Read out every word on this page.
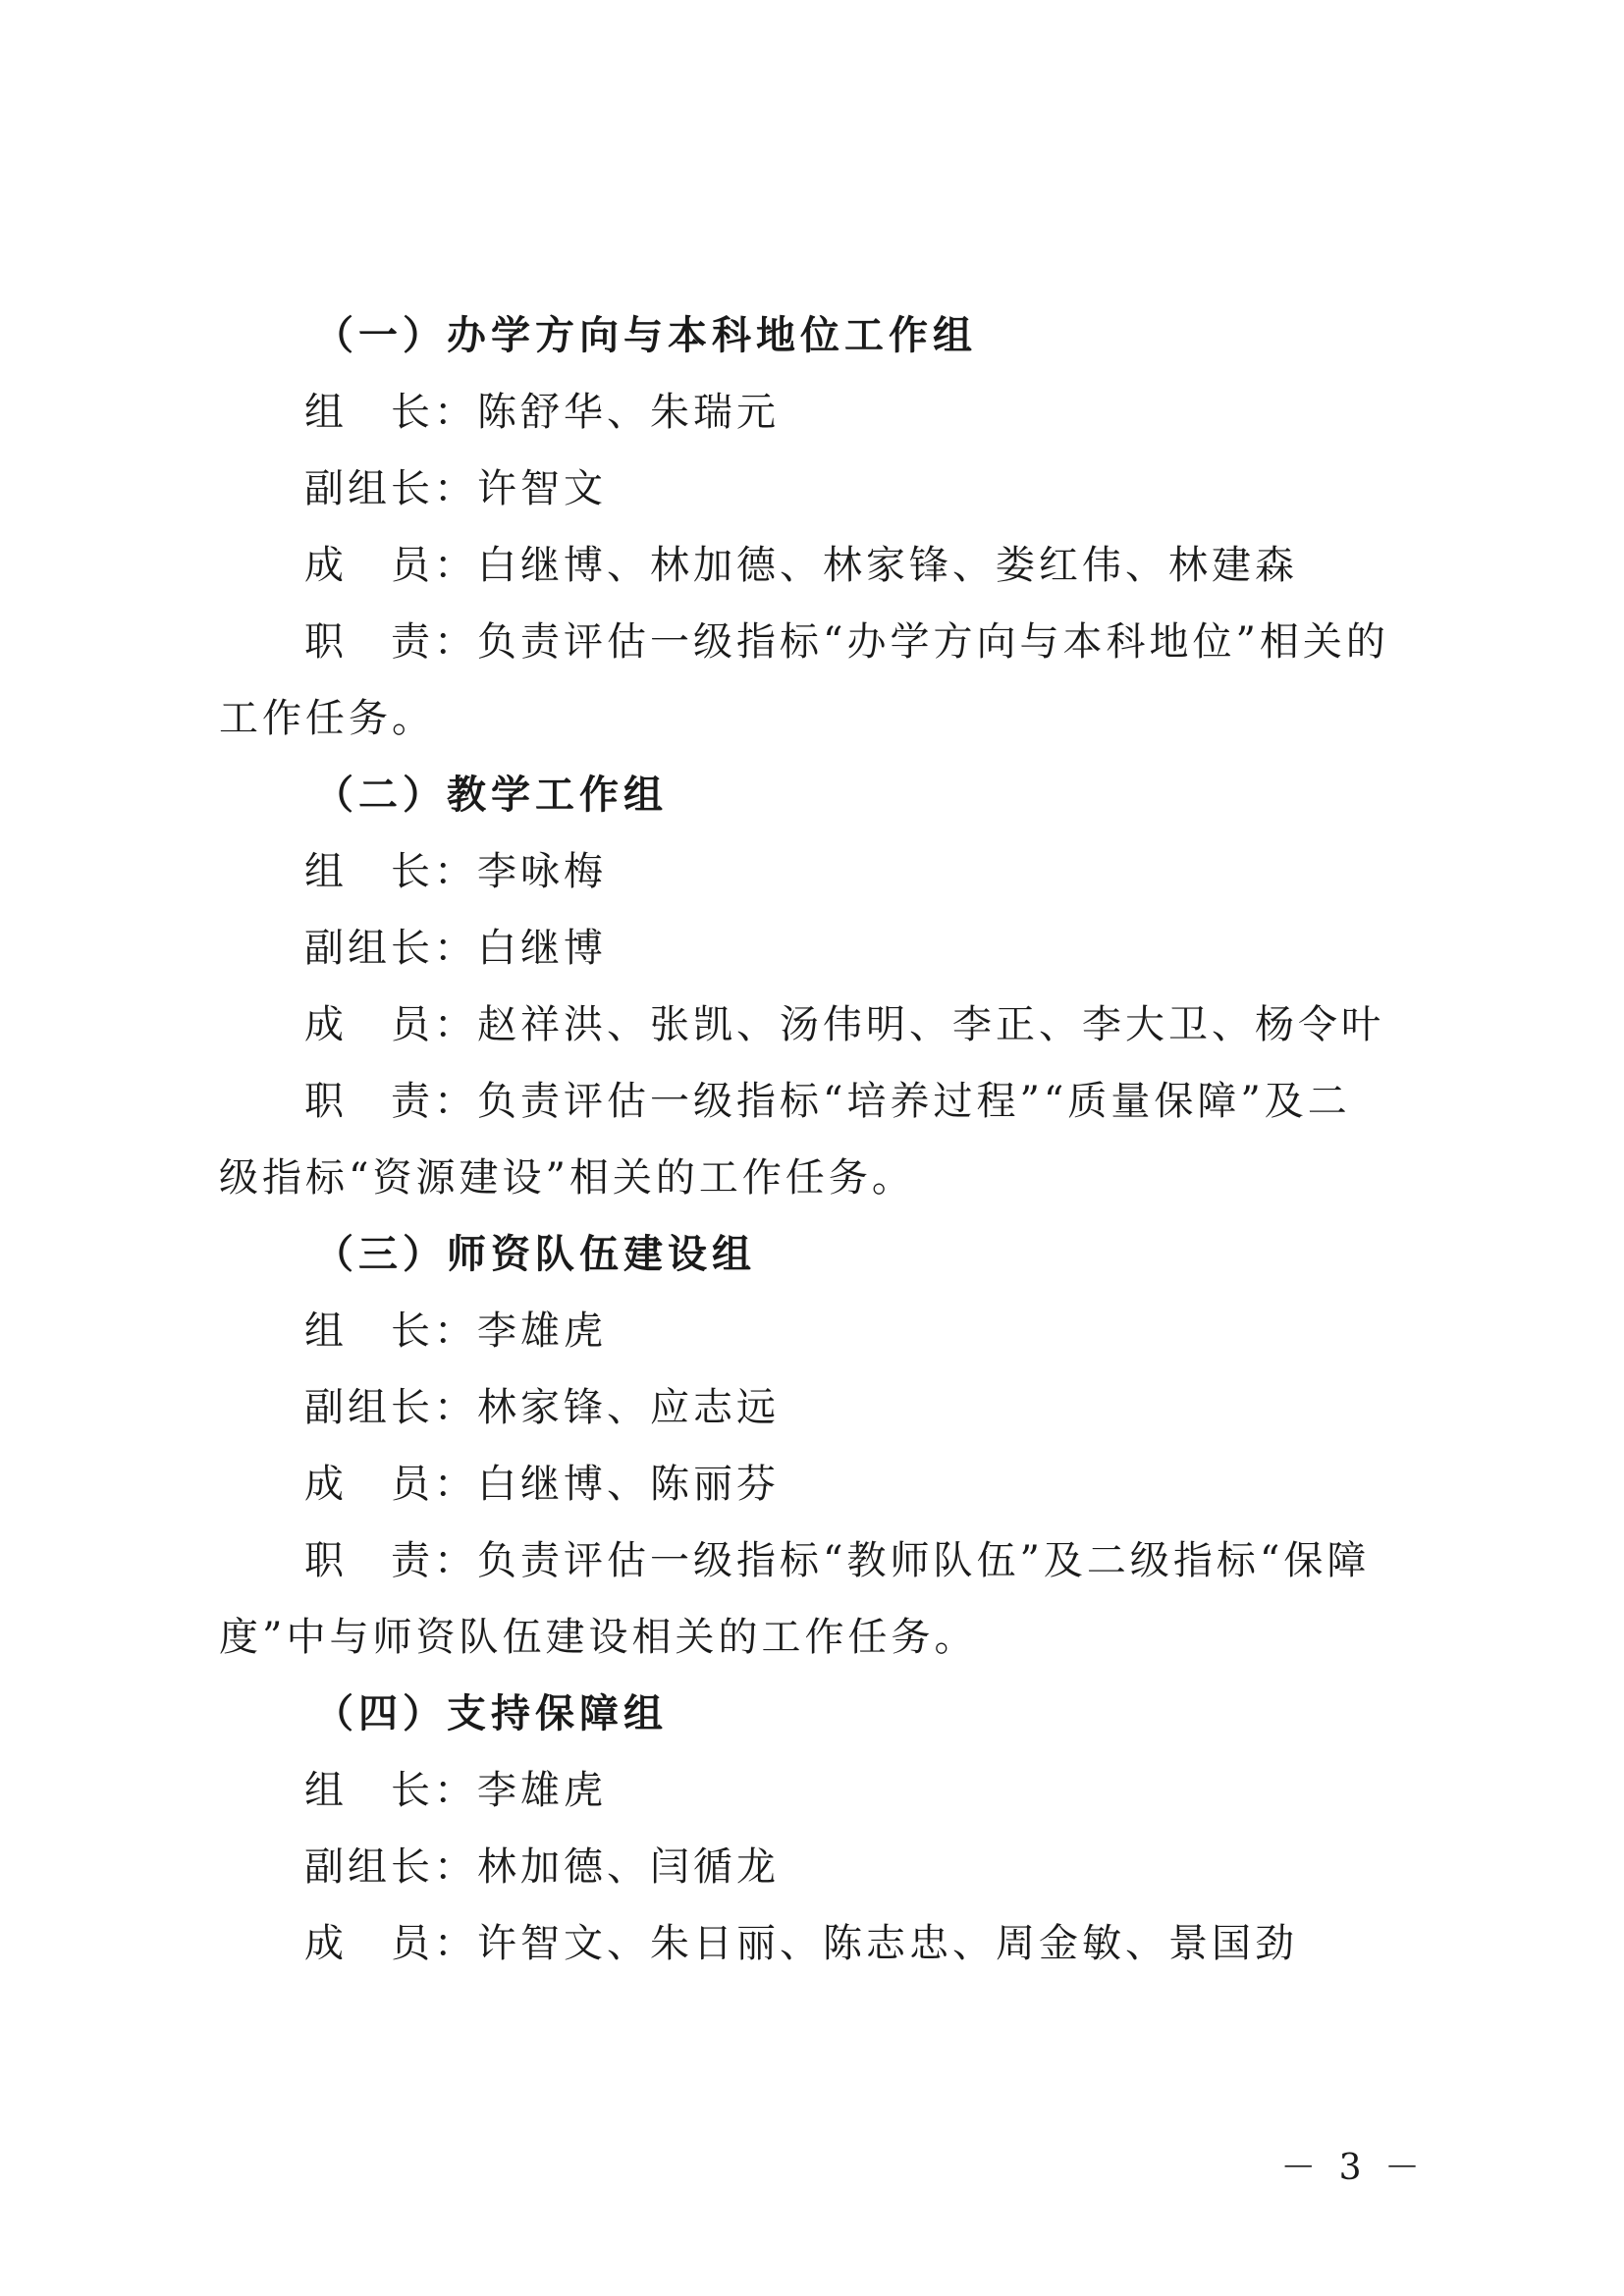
（一）办学方向与本科地位工作组
组　长：陈舒华、朱瑞元
副组长：许智文
成　员：白继博、林加德、林家锋、娄红伟、林建森
职　责：负责评估一级指标“办学方向与本科地位”相关的
工作任务。
（二）教学工作组
组　长：李咏梅
副组长：白继博
成　员：赵祥洪、张凯、汤伟明、李正、李大卫、杨令叶
职　责：负责评估一级指标“培养过程”“质量保障”及二
级指标“资源建设”相关的工作任务。
（三）师资队伍建设组
组　长：李雄虎
副组长：林家锋、应志远
成　员：白继博、陈丽芬
职　责：负责评估一级指标“教师队伍”及二级指标“保障
度”中与师资队伍建设相关的工作任务。
（四）支持保障组
组　长：李雄虎
副组长：林加德、闫循龙
成　员：许智文、朱日丽、陈志忠、周金敏、景国劲
－ 3 －
